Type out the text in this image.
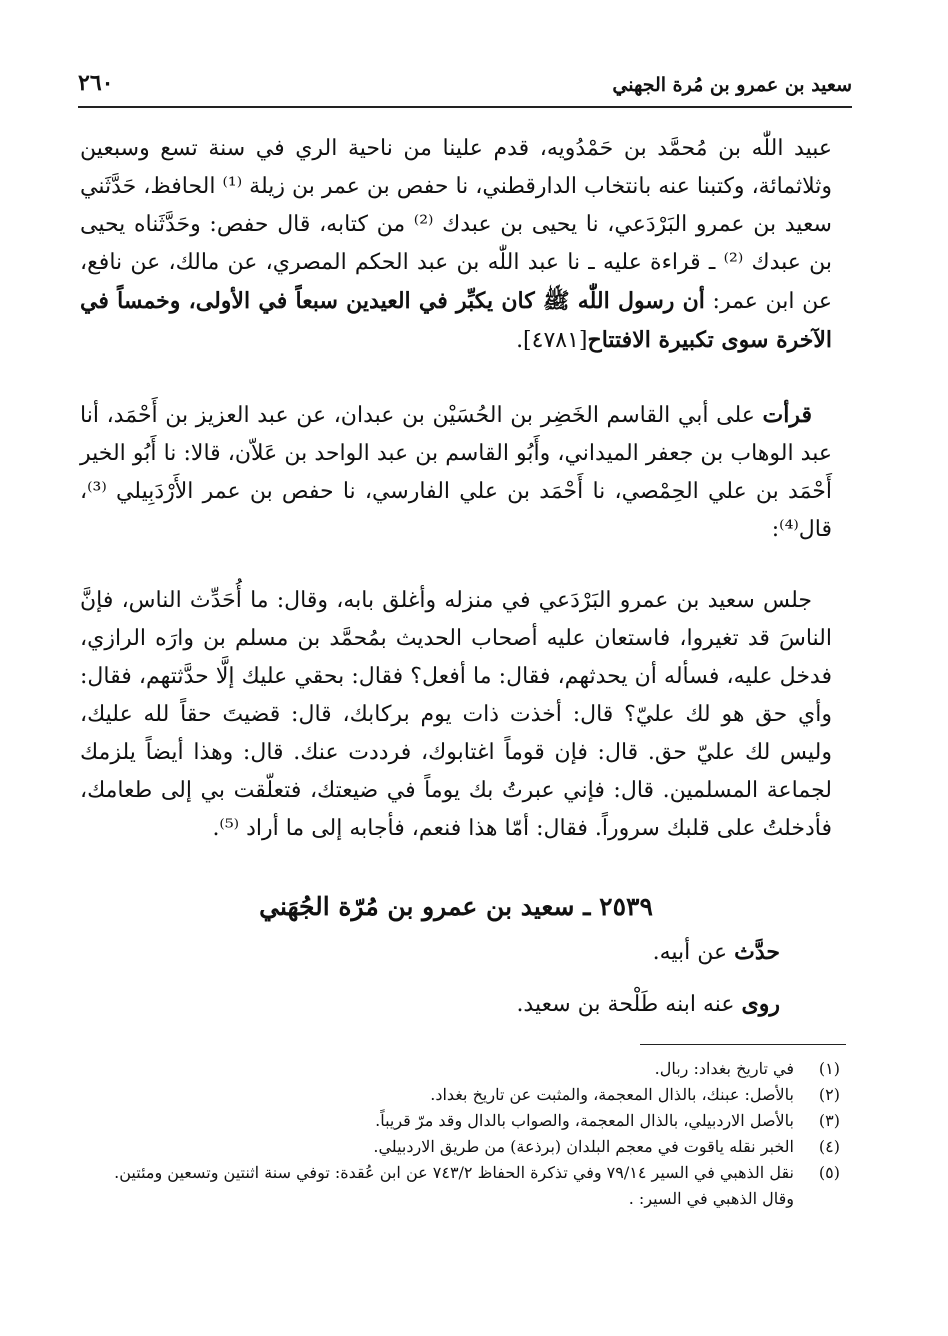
سعيد بن عمرو بن مُرة الجهني
٢٦٠
عبيد اللّٰه بن مُحمَّد بن حَمْدُويه، قدم علينا من ناحية الري في سنة تسع وسبعين وثلاثمائة، وكتبنا عنه بانتخاب الدارقطني، نا حفص بن عمر بن زيلة ⁽¹⁾ الحافظ، حَدَّثَني سعيد بن عمرو البَرْدَعي، نا يحيى بن عبدك ⁽²⁾ من كتابه، قال حفص: وحَدَّثَناه يحيى بن عبدك ⁽²⁾ ـ قراءة عليه ـ نا عبد اللّٰه بن عبد الحكم المصري، عن مالك، عن نافع، عن ابن عمر: أن رسول اللّٰه ﷺ كان يكبِّر في العيدين سبعاً في الأولى، وخمساً في الآخرة سوى تكبيرة الافتتاح[٤٧٨١].
قرأت على أبي القاسم الخَضِر بن الحُسَيْن بن عبدان، عن عبد العزيز بن أَحْمَد، أنا عبد الوهاب بن جعفر الميداني، وأَبُو القاسم بن عبد الواحد بن عَلاّن، قالا: نا أَبُو الخير أَحْمَد بن علي الحِمْصي، نا أَحْمَد بن علي الفارسي، نا حفص بن عمر الأَرْدَبِيلي ⁽³⁾، قال⁽⁴⁾:
جلس سعيد بن عمرو البَرْدَعي في منزله وأغلق بابه، وقال: ما أُحَدِّث الناس، فإنَّ الناسَ قد تغيروا، فاستعان عليه أصحاب الحديث بمُحمَّد بن مسلم بن وارَه الرازي، فدخل عليه، فسأله أن يحدثهم، فقال: ما أفعل؟ فقال: بحقي عليك إلَّا حدَّثتهم، فقال: وأي حق هو لك عليّ؟ قال: أخذت ذات يوم بركابك، قال: قضيتَ حقاً لله عليك، وليس لك عليّ حق. قال: فإن قوماً اغتابوك، فرددت عنك. قال: وهذا أيضاً يلزمك لجماعة المسلمين. قال: فإني عبرتُ بك يوماً في ضيعتك، فتعلّقت بي إلى طعامك، فأدخلتُ على قلبك سروراً. فقال: أمّا هذا فنعم، فأجابه إلى ما أراد ⁽⁵⁾.
٢٥٣٩ ـ سعيد بن عمرو بن مُرّة الجُهَني
حدَّث عن أبيه.
روى عنه ابنه طَلْحة بن سعيد.
(١)
في تاريخ بغداد: ربال.
(٢)
بالأصل: عبنك، بالذال المعجمة، والمثبت عن تاريخ بغداد.
(٣)
بالأصل الاردبيلي، بالذال المعجمة، والصواب بالدال وقد مرّ قريباً.
(٤)
الخبر نقله ياقوت في معجم البلدان (برذعة) من طريق الاردبيلي.
(٥)
نقل الذهبي في السير ٧٩/١٤ وفي تذكرة الحفاظ ٧٤٣/٢ عن ابن عُقدة: توفي سنة اثنتين وتسعين ومئتين.
وقال الذهبي في السير: .
